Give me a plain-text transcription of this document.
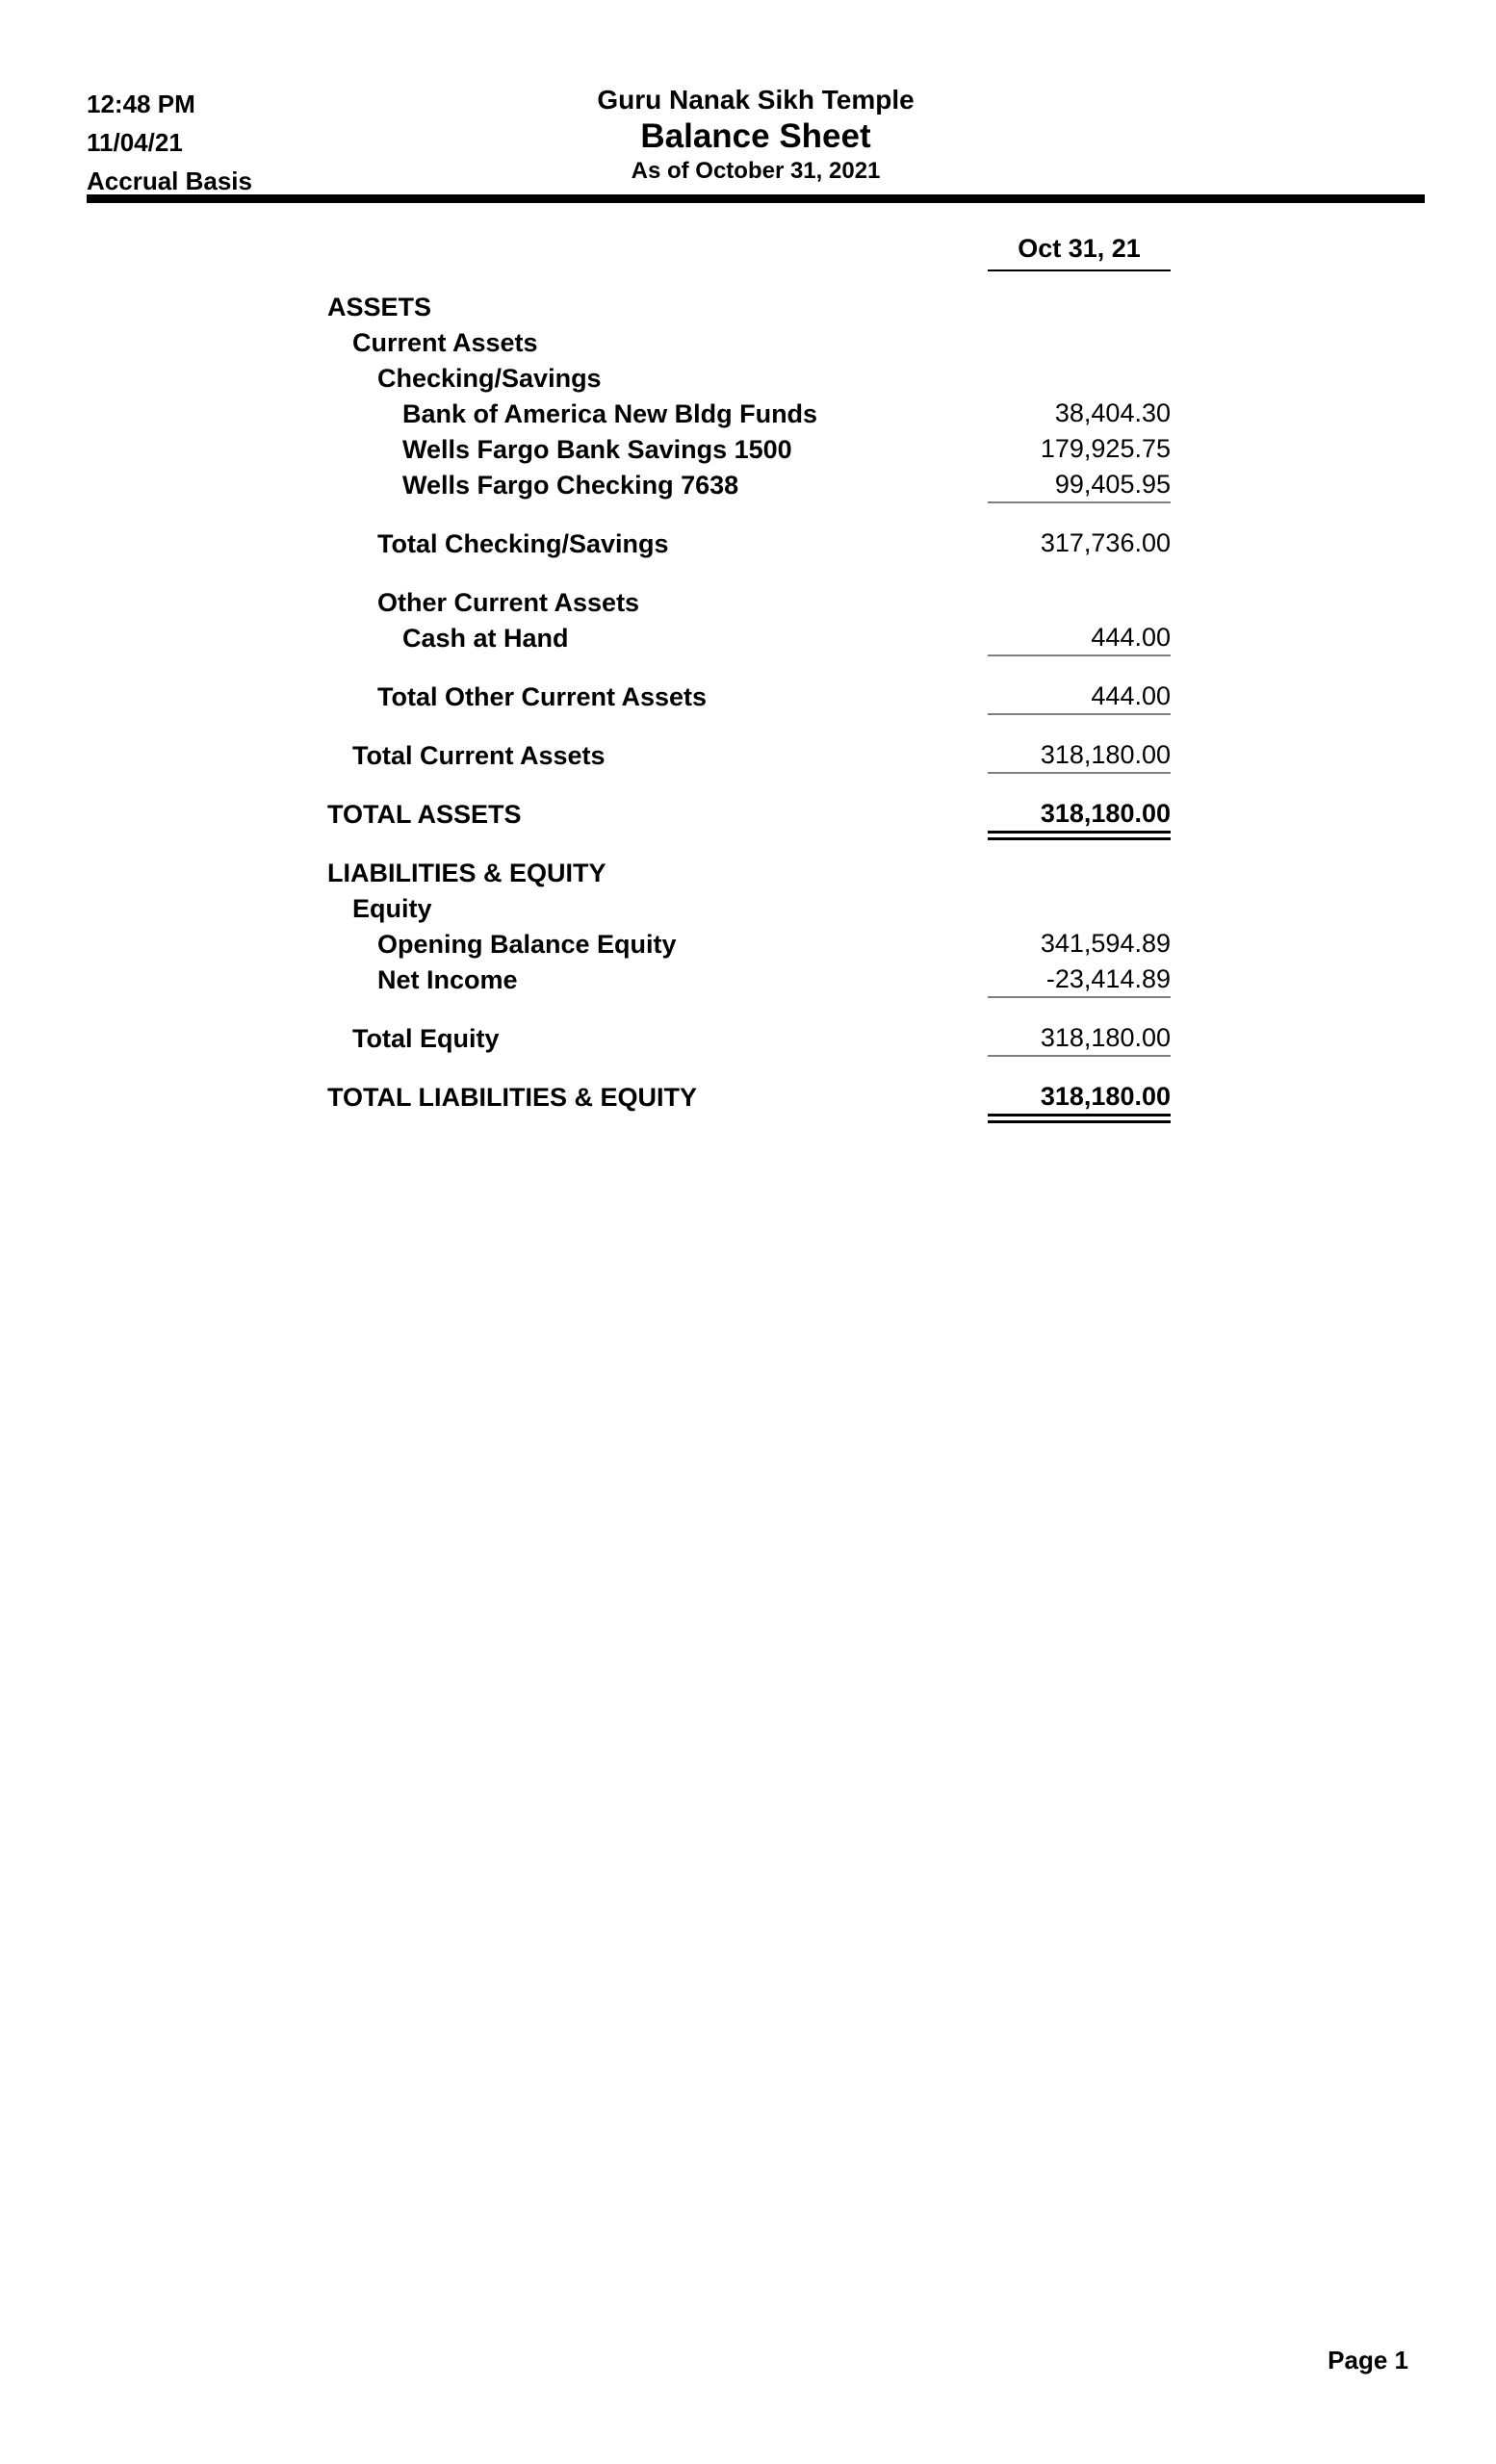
12:48 PM
11/04/21
Accrual Basis
Guru Nanak Sikh Temple
Balance Sheet
As of October 31, 2021
Oct 31, 21
ASSETS
Current Assets
Checking/Savings
Bank of America New Bldg Funds	38,404.30
Wells Fargo Bank Savings 1500	179,925.75
Wells Fargo Checking 7638	99,405.95
Total Checking/Savings	317,736.00
Other Current Assets
Cash at Hand	444.00
Total Other Current Assets	444.00
Total Current Assets	318,180.00
TOTAL ASSETS	318,180.00
LIABILITIES & EQUITY
Equity
Opening Balance Equity	341,594.89
Net Income	-23,414.89
Total Equity	318,180.00
TOTAL LIABILITIES & EQUITY	318,180.00
Page 1
